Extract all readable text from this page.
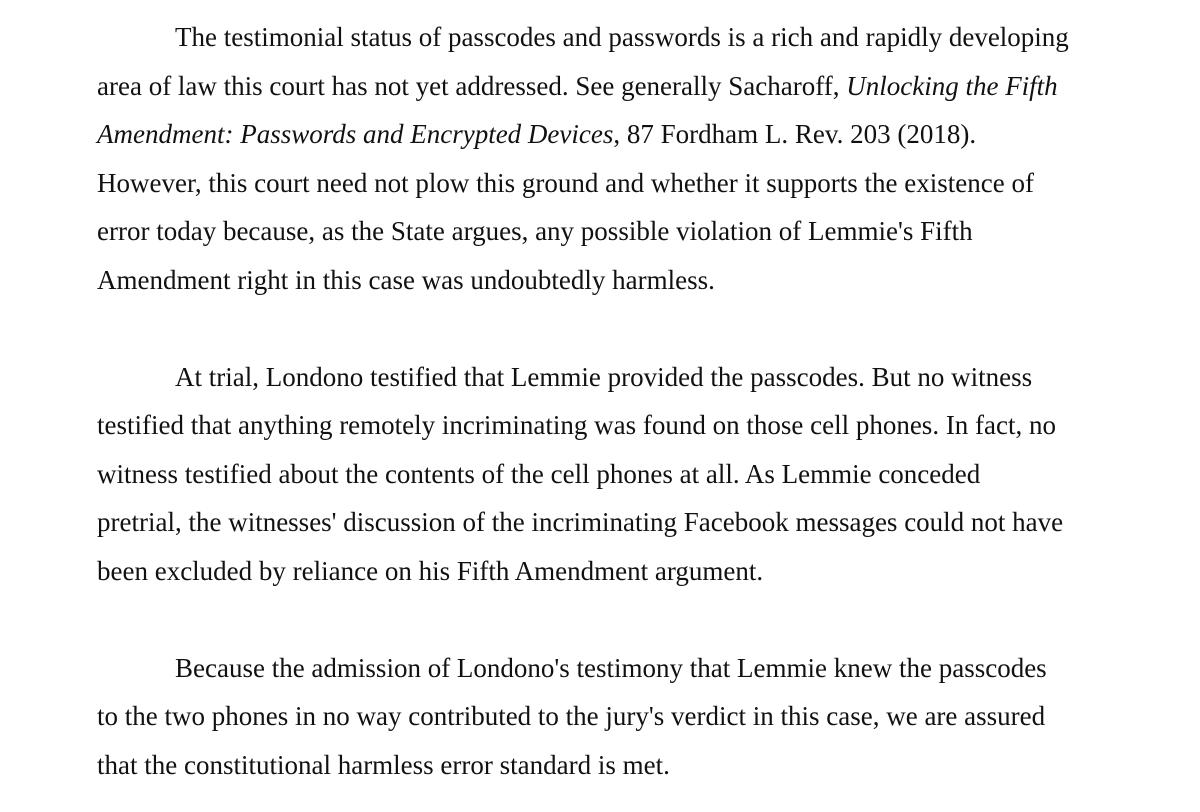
The testimonial status of passcodes and passwords is a rich and rapidly developing
area of law this court has not yet addressed. See generally Sacharoff, Unlocking the Fifth
Amendment: Passwords and Encrypted Devices, 87 Fordham L. Rev. 203 (2018).
However, this court need not plow this ground and whether it supports the existence of
error today because, as the State argues, any possible violation of Lemmie's Fifth
Amendment right in this case was undoubtedly harmless.
At trial, Londono testified that Lemmie provided the passcodes. But no witness
testified that anything remotely incriminating was found on those cell phones. In fact, no
witness testified about the contents of the cell phones at all. As Lemmie conceded
pretrial, the witnesses' discussion of the incriminating Facebook messages could not have
been excluded by reliance on his Fifth Amendment argument.
Because the admission of Londono's testimony that Lemmie knew the passcodes
to the two phones in no way contributed to the jury's verdict in this case, we are assured
that the constitutional harmless error standard is met.
